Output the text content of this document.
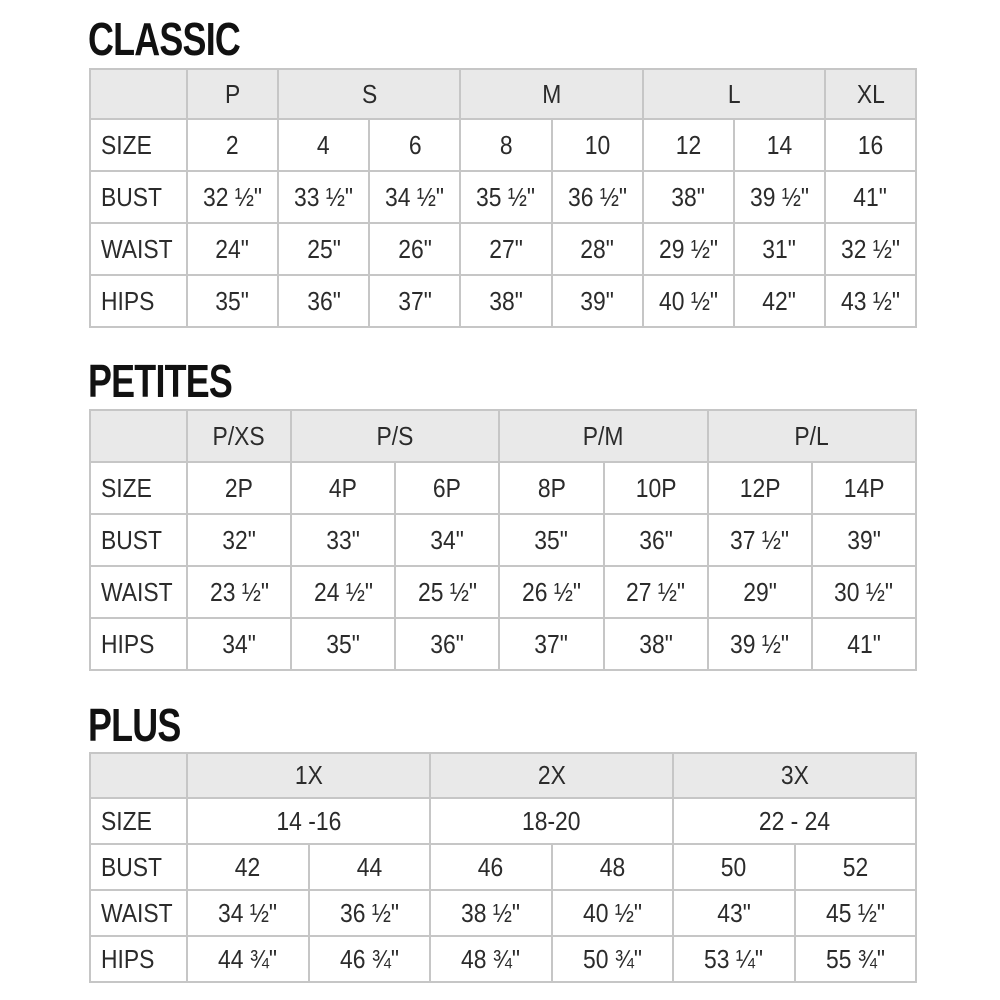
CLASSIC
	P	S		M		L		XL
SIZE	2	4	6	8	10	12	14	16
BUST	32 ½"	33 ½"	34 ½"	35 ½"	36 ½"	38"	39 ½"	41"
WAIST	24"	25"	26"	27"	28"	29 ½"	31"	32 ½"
HIPS	35"	36"	37"	38"	39"	40 ½"	42"	43 ½"
PETITES
	P/XS	P/S		P/M		P/L	
SIZE	2P	4P	6P	8P	10P	12P	14P
BUST	32"	33"	34"	35"	36"	37 ½"	39"
WAIST	23 ½"	24 ½"	25 ½"	26 ½"	27 ½"	29"	30 ½"
HIPS	34"	35"	36"	37"	38"	39 ½"	41"
PLUS
	1X		2X		3X	
SIZE	14 -16		18-20		22 - 24	
BUST	42	44	46	48	50	52
WAIST	34 ½"	36 ½"	38 ½"	40 ½"	43"	45 ½"
HIPS	44 ¾"	46 ¾"	48 ¾"	50 ¾"	53 ¼"	55 ¾"
